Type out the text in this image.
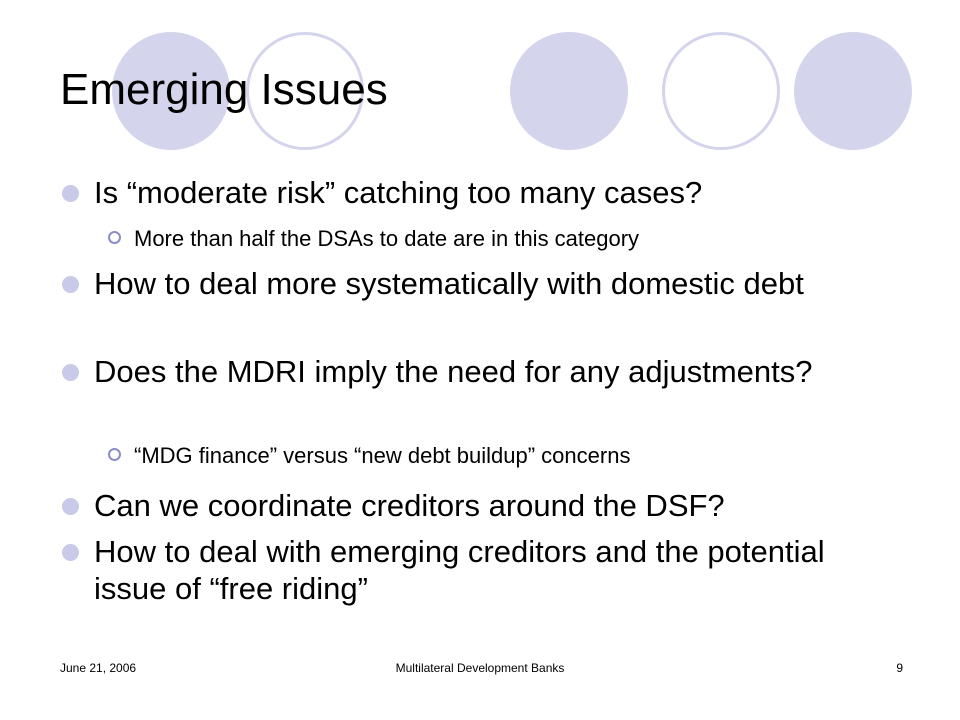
Emerging Issues
Is “moderate risk” catching too many cases?
More than half the DSAs to date are in this category
How to deal more systematically with domestic debt
Does the MDRI imply the need for any adjustments?
“MDG finance” versus “new debt buildup” concerns
Can we coordinate creditors around the DSF?
How to deal with emerging creditors and the potential issue of “free riding”
June 21, 2006	Multilateral Development Banks	9
